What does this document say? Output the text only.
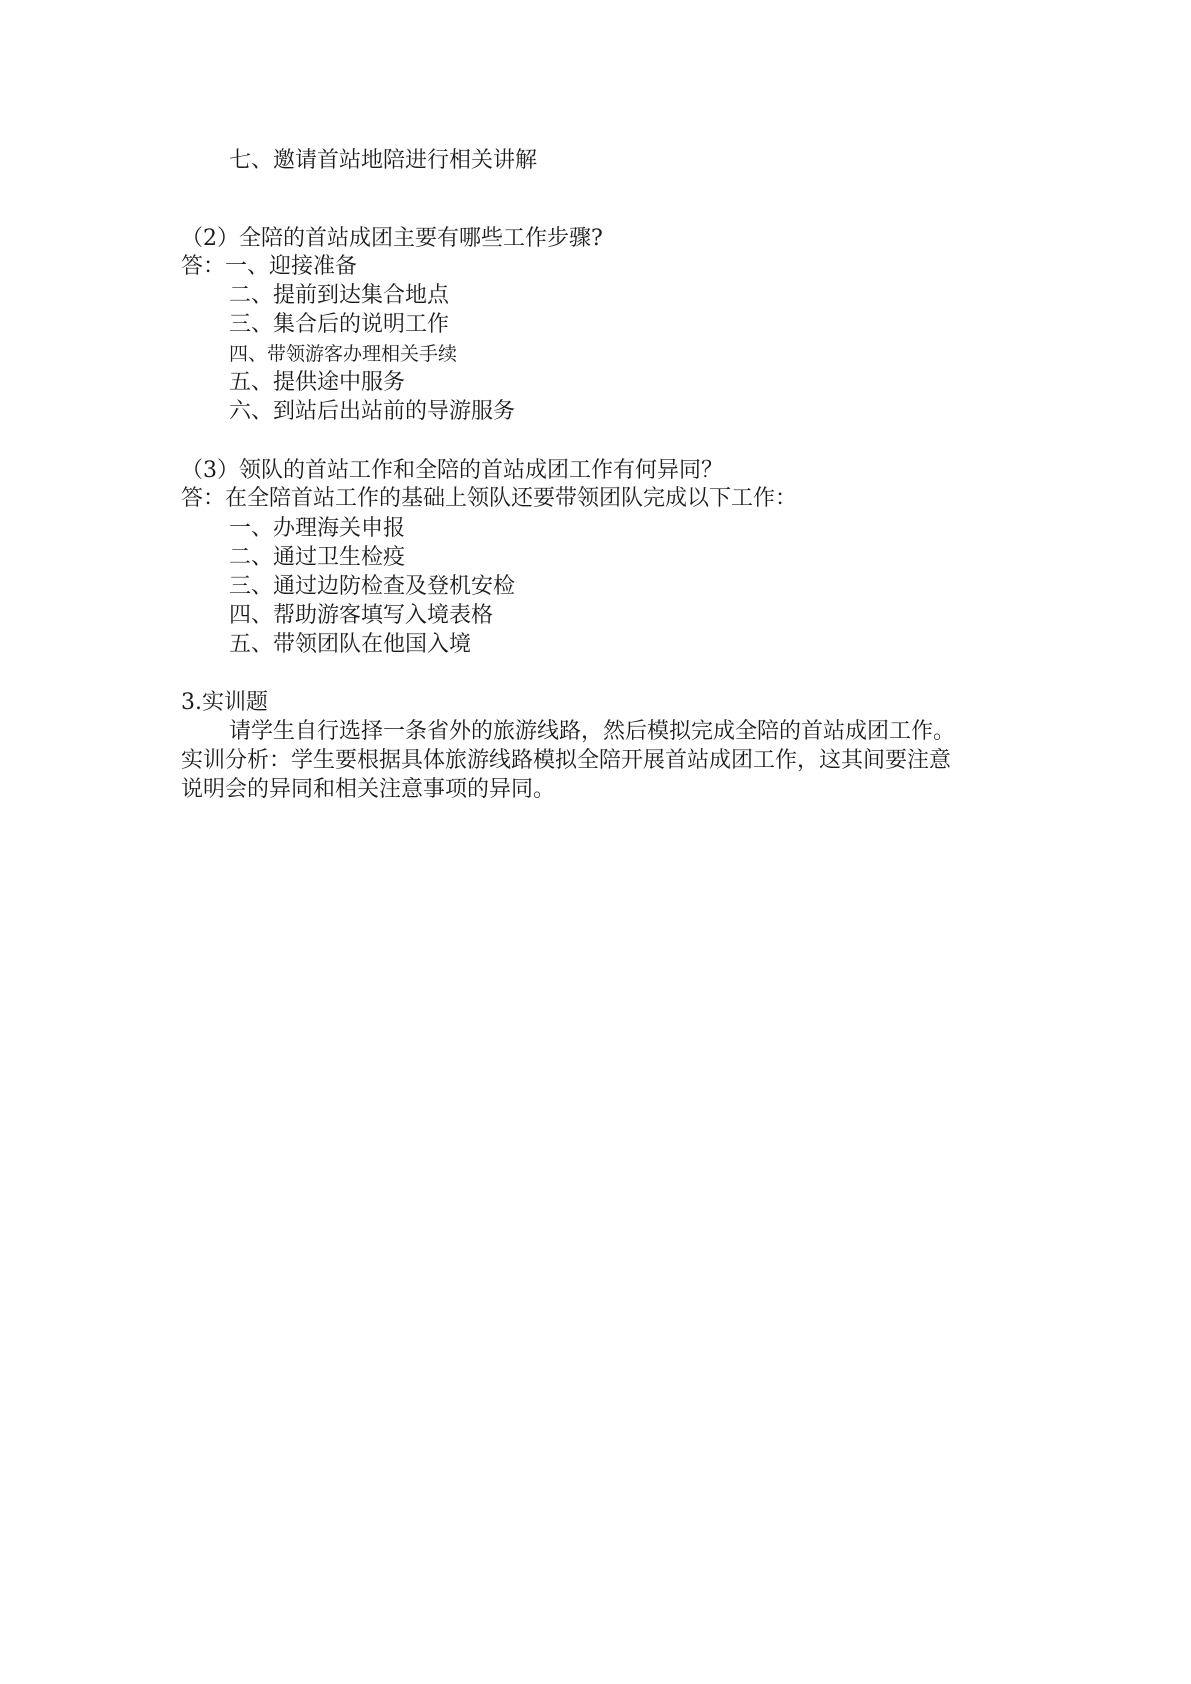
七、邀请首站地陪进行相关讲解
（2）全陪的首站成团主要有哪些工作步骤?
答：一、迎接准备
二、提前到达集合地点
三、集合后的说明工作
四、带领游客办理相关手续
五、提供途中服务
六、到站后出站前的导游服务
（3）领队的首站工作和全陪的首站成团工作有何异同？
答：在全陪首站工作的基础上领队还要带领团队完成以下工作：
一、办理海关申报
二、通过卫生检疫
三、通过边防检查及登机安检
四、帮助游客填写入境表格
五、带领团队在他国入境
3.实训题
请学生自行选择一条省外的旅游线路，然后模拟完成全陪的首站成团工作。
实训分析：学生要根据具体旅游线路模拟全陪开展首站成团工作，这其间要注意
说明会的异同和相关注意事项的异同。
